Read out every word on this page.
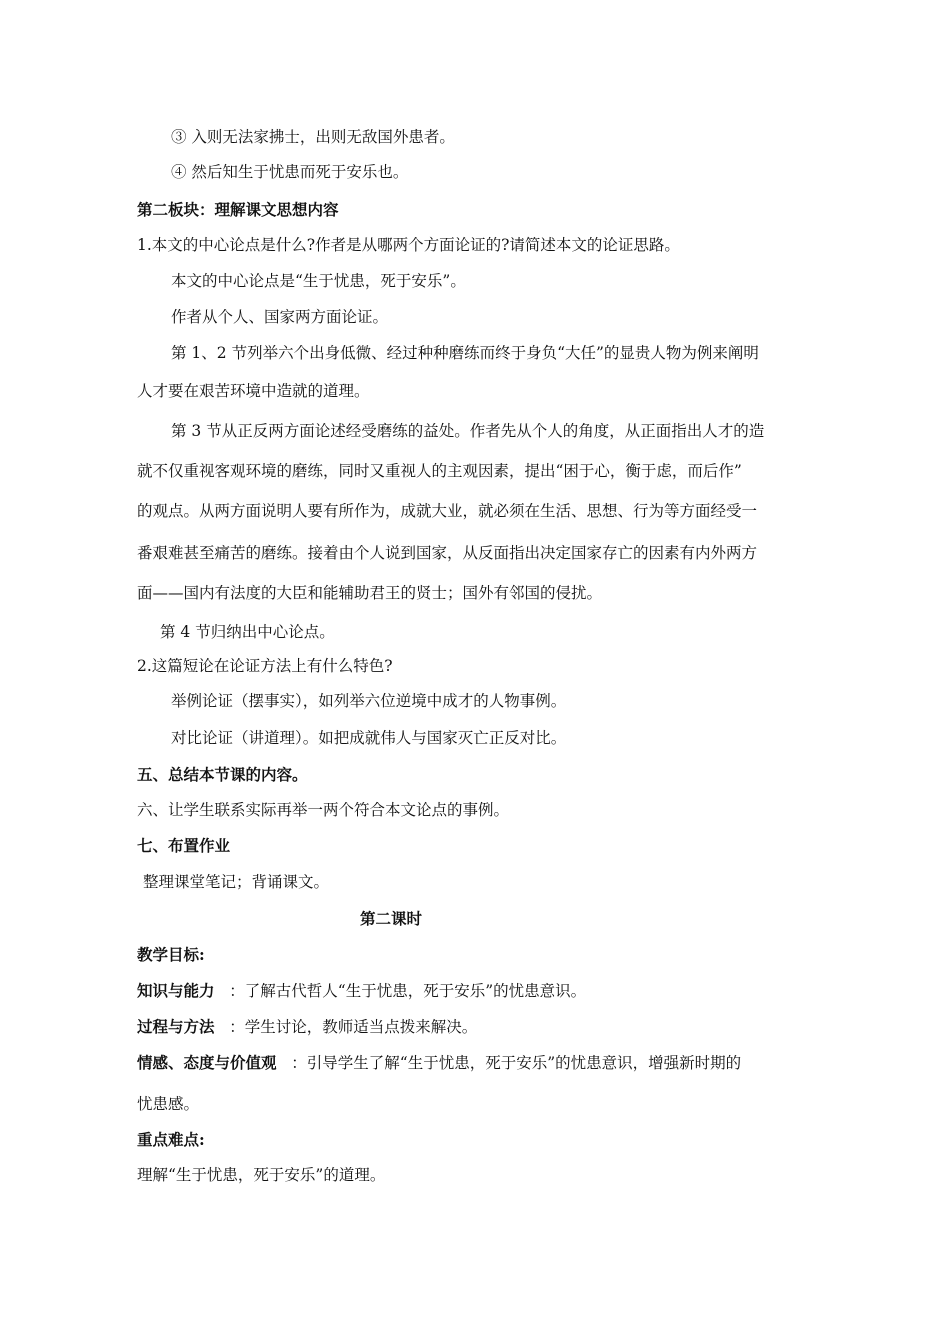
③ 入则无法家拂士，出则无敌国外患者。
④ 然后知生于忧患而死于安乐也。
第二板块：理解课文思想内容
1.本文的中心论点是什么?作者是从哪两个方面论证的?请简述本文的论证思路。
本文的中心论点是“生于忧患，死于安乐”。
作者从个人、国家两方面论证。
第 1、2 节列举六个出身低微、经过种种磨练而终于身负“大任”的显贵人物为例来阐明
人才要在艰苦环境中造就的道理。
第 3 节从正反两方面论述经受磨练的益处。作者先从个人的角度，从正面指出人才的造
就不仅重视客观环境的磨练，同时又重视人的主观因素，提出“困于心，衡于虑，而后作”
的观点。从两方面说明人要有所作为，成就大业，就必须在生活、思想、行为等方面经受一
番艰难甚至痛苦的磨练。接着由个人说到国家，从反面指出决定国家存亡的因素有内外两方
面——国内有法度的大臣和能辅助君王的贤士；国外有邻国的侵扰。
第 4 节归纳出中心论点。
2.这篇短论在论证方法上有什么特色?
举例论证（摆事实），如列举六位逆境中成才的人物事例。
对比论证（讲道理）。如把成就伟人与国家灭亡正反对比。
五、总结本节课的内容。
六、让学生联系实际再举一两个符合本文论点的事例。
七、布置作业
整理课堂笔记；背诵课文。
第二课时
教学目标:
知识与能力 ：了解古代哲人“生于忧患，死于安乐”的忧患意识。
过程与方法 ：学生讨论，教师适当点拨来解决。
情感、态度与价值观 ：引导学生了解“生于忧患，死于安乐”的忧患意识，增强新时期的
忧患感。
重点难点:
理解“生于忧患，死于安乐”的道理。
